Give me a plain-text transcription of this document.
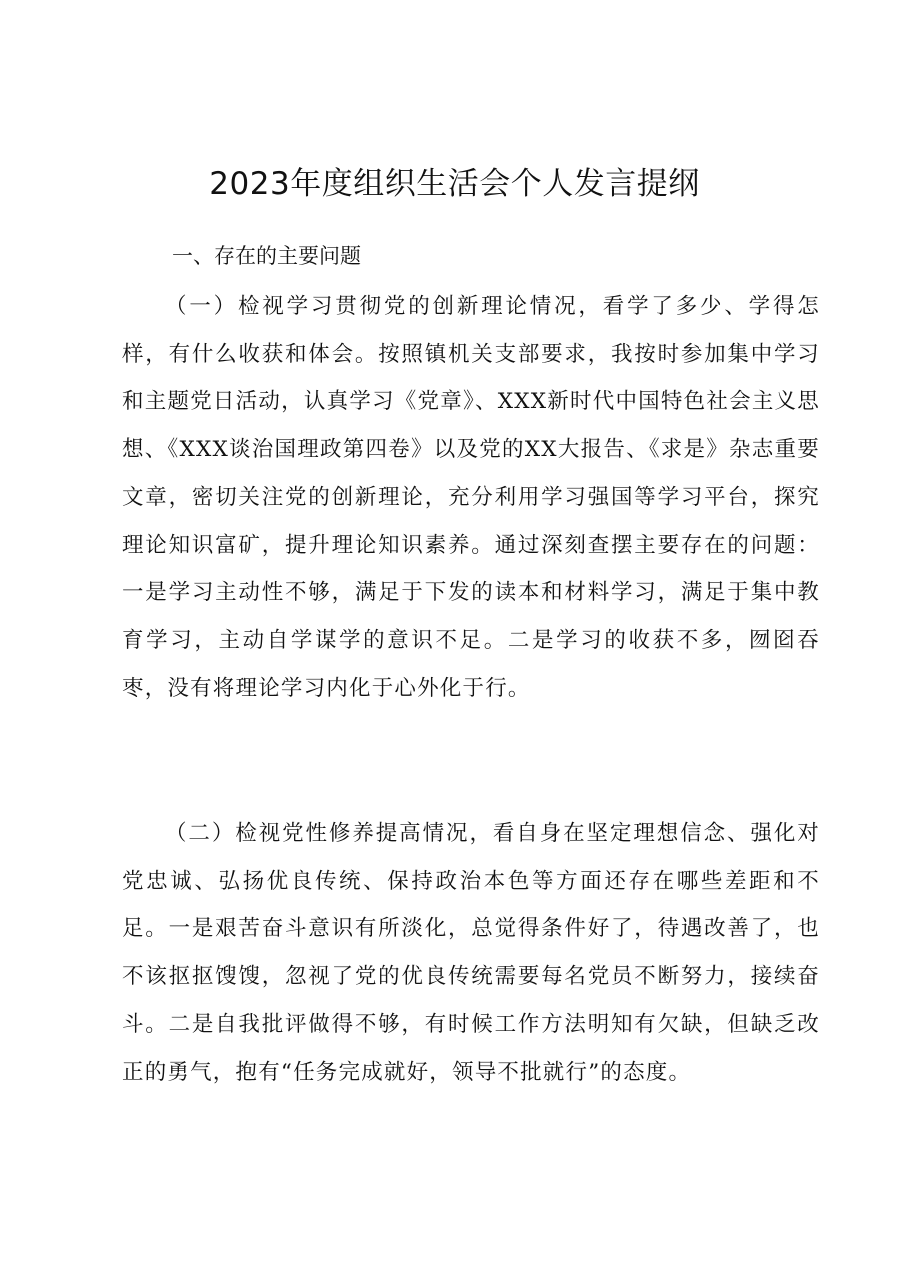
2023年度组织生活会个人发言提纲
一、存在的主要问题

（一）检视学习贯彻党的创新理论情况，看学了多少、学得怎样，有什么收获和体会。按照镇机关支部要求，我按时参加集中学习和主题党日活动，认真学习《党章》、XXX新时代中国特色社会主义思想、《XXX谈治国理政第四卷》以及党的XX大报告、《求是》杂志重要文章，密切关注党的创新理论，充分利用学习强国等学习平台，探究理论知识富矿，提升理论知识素养。通过深刻查摆主要存在的问题：一是学习主动性不够，满足于下发的读本和材料学习，满足于集中教育学习，主动自学谋学的意识不足。二是学习的收获不多，囫囵吞枣，没有将理论学习内化于心外化于行。

（二）检视党性修养提高情况，看自身在坚定理想信念、强化对党忠诚、弘扬优良传统、保持政治本色等方面还存在哪些差距和不足。一是艰苦奋斗意识有所淡化，总觉得条件好了，待遇改善了，也不该抠抠馊馊，忽视了党的优良传统需要每名党员不断努力，接续奋斗。二是自我批评做得不够，有时候工作方法明知有欠缺，但缺乏改正的勇气，抱有“任务完成就好，领导不批就行”的态度。
